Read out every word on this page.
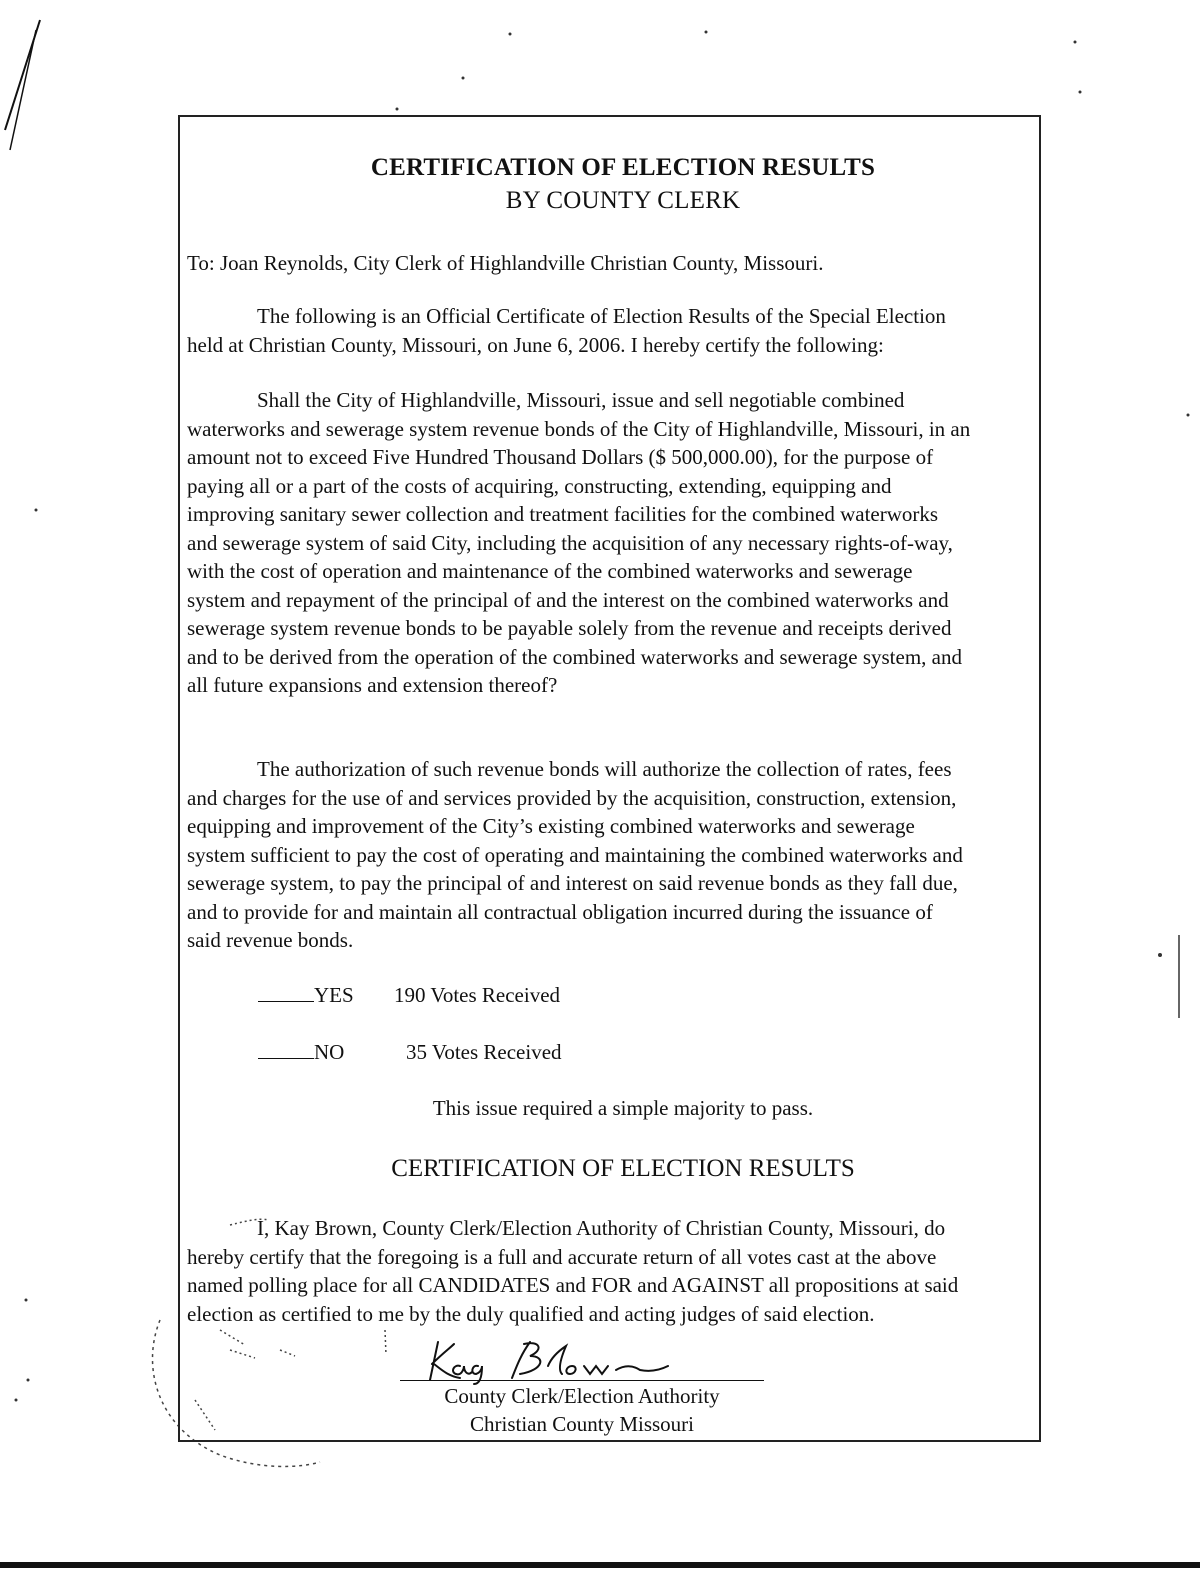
CERTIFICATION OF ELECTION RESULTS
BY COUNTY CLERK
To: Joan Reynolds, City Clerk of Highlandville Christian County, Missouri.

The following is an Official Certificate of Election Results of the Special Election

held at Christian County, Missouri, on June 6, 2006. I hereby certify the following:

Shall the City of Highlandville, Missouri, issue and sell negotiable combined

waterworks and sewerage system revenue bonds of the City of Highlandville, Missouri, in an

amount not to exceed Five Hundred Thousand Dollars ($ 500,000.00), for the purpose of

paying all or a part of the costs of acquiring, constructing, extending, equipping and

improving sanitary sewer collection and treatment facilities for the combined waterworks

and sewerage system of said City, including the acquisition of any necessary rights-of-way,

with the cost of operation and maintenance of the combined waterworks and sewerage

system and repayment of the principal of and the interest on the combined waterworks and

sewerage system revenue bonds to be payable solely from the revenue and receipts derived

and to be derived from the operation of the combined waterworks and sewerage system, and

all future expansions and extension thereof?

The authorization of such revenue bonds will authorize the collection of rates, fees

and charges for the use of and services provided by the acquisition, construction, extension,

equipping and improvement of the City’s existing combined waterworks and sewerage

system sufficient to pay the cost of operating and maintaining the combined waterworks and

sewerage system, to pay the principal of and interest on said revenue bonds as they fall due,

and to provide for and maintain all contractual obligation incurred during the issuance of

said revenue bonds.

YES 190 Votes Received
NO	35 Votes Received
This issue required a simple majority to pass.
CERTIFICATION OF ELECTION RESULTS

I, Kay Brown, County Clerk/Election Authority of Christian County, Missouri, do

hereby certify that the foregoing is a full and accurate return of all votes cast at the above

named polling place for all CANDIDATES and FOR and AGAINST all propositions at said

election as certified to me by the duly qualified and acting judges of said election.

County Clerk/Election Authority
Christian County Missouri
